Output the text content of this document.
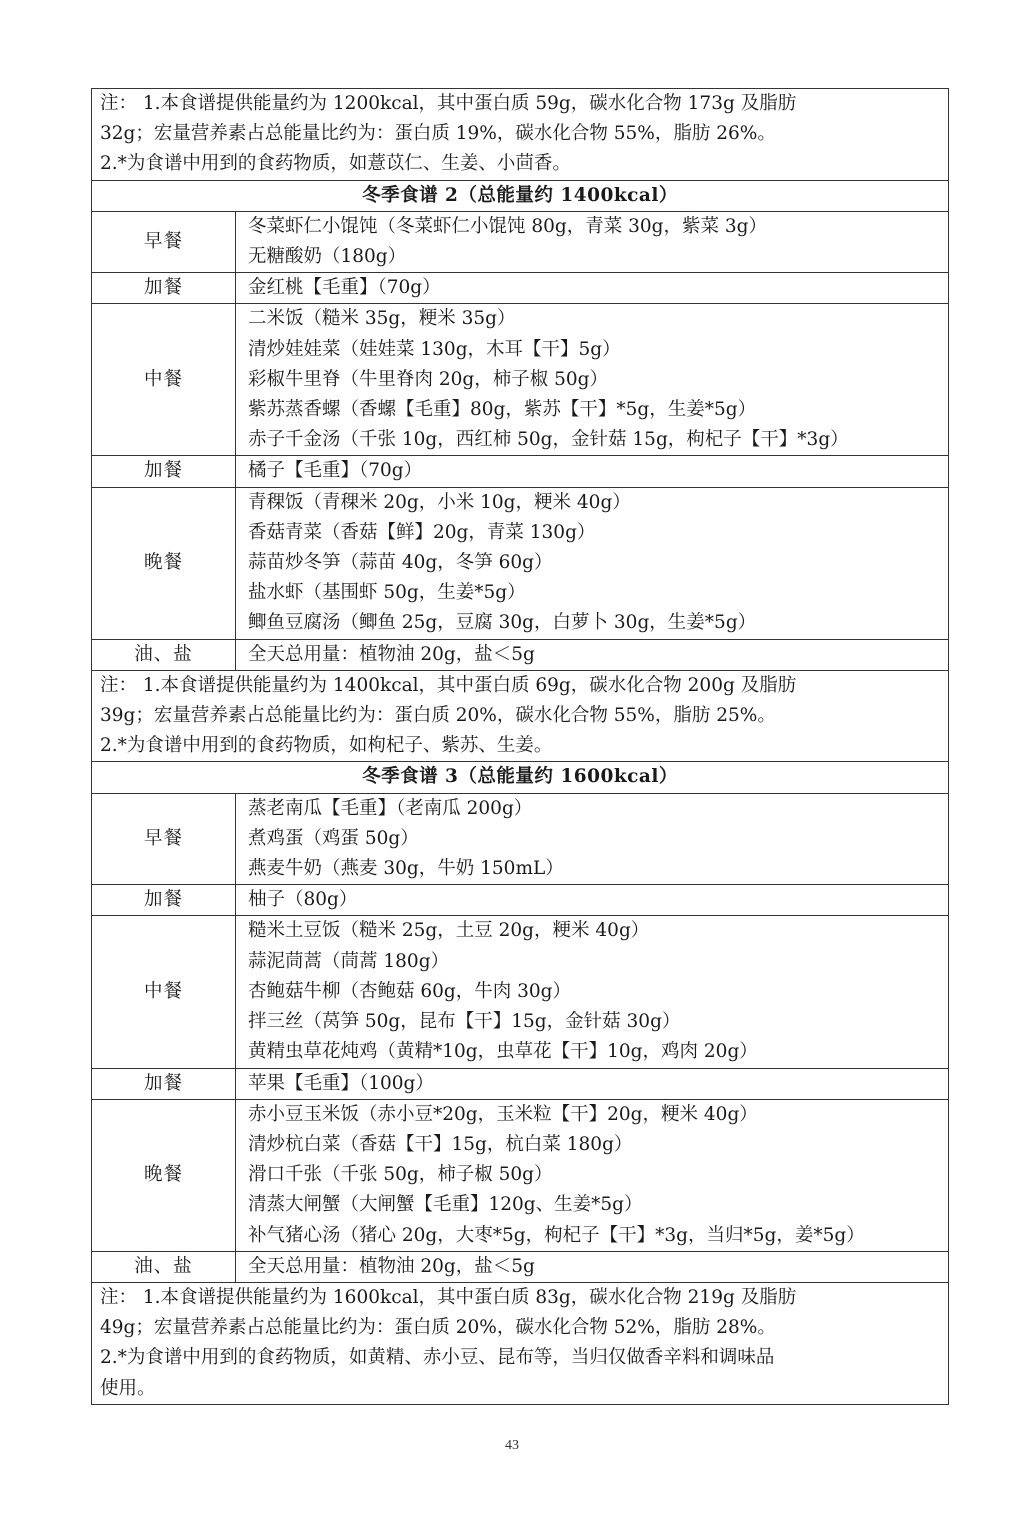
注： 1.本食谱提供能量约为 1200kcal，其中蛋白质 59g，碳水化合物 173g 及脂肪
32g；宏量营养素占总能量比约为：蛋白质 19%，碳水化合物 55%，脂肪 26%。
2.*为食谱中用到的食药物质，如薏苡仁、生姜、小茴香。	

冬季食谱 2（总能量约 1400kcal）	
早餐	冬菜虾仁小馄饨（冬菜虾仁小馄饨 80g，青菜 30g，紫菜 3g）
无糖酸奶（180g）

加餐	金红桃【毛重】（70g）

中餐	二米饭（糙米 35g，粳米 35g）
清炒娃娃菜（娃娃菜 130g，木耳【干】5g）
彩椒牛里脊（牛里脊肉 20g，柿子椒 50g）
紫苏蒸香螺（香螺【毛重】80g，紫苏【干】*5g，生姜*5g）
赤子千金汤（千张 10g，西红柿 50g，金针菇 15g，枸杞子【干】*3g）

加餐	橘子【毛重】（70g）

晚餐	青稞饭（青稞米 20g，小米 10g，粳米 40g）
香菇青菜（香菇【鲜】20g，青菜 130g）
蒜苗炒冬笋（蒜苗 40g，冬笋 60g）
盐水虾（基围虾 50g，生姜*5g）
鲫鱼豆腐汤（鲫鱼 25g，豆腐 30g，白萝卜 30g，生姜*5g）

油、盐	全天总用量：植物油 20g，盐＜5g

注： 1.本食谱提供能量约为 1400kcal，其中蛋白质 69g，碳水化合物 200g 及脂肪
39g；宏量营养素占总能量比约为：蛋白质 20%，碳水化合物 55%，脂肪 25%。
2.*为食谱中用到的食药物质，如枸杞子、紫苏、生姜。	

冬季食谱 3（总能量约 1600kcal）	
早餐	蒸老南瓜【毛重】（老南瓜 200g）
煮鸡蛋（鸡蛋 50g）
燕麦牛奶（燕麦 30g，牛奶 150mL）

加餐	柚子（80g）

中餐	糙米土豆饭（糙米 25g，土豆 20g，粳米 40g）
蒜泥茼蒿（茼蒿 180g）
杏鲍菇牛柳（杏鲍菇 60g，牛肉 30g）
拌三丝（莴笋 50g，昆布【干】15g，金针菇 30g）
黄精虫草花炖鸡（黄精*10g，虫草花【干】10g，鸡肉 20g）

加餐	苹果【毛重】（100g）

晚餐	赤小豆玉米饭（赤小豆*20g，玉米粒【干】20g，粳米 40g）
清炒杭白菜（香菇【干】15g，杭白菜 180g）
滑口千张（千张 50g，柿子椒 50g）
清蒸大闸蟹（大闸蟹【毛重】120g、生姜*5g）
补气猪心汤（猪心 20g，大枣*5g，枸杞子【干】*3g，当归*5g，姜*5g）

油、盐	全天总用量：植物油 20g，盐＜5g

注： 1.本食谱提供能量约为 1600kcal，其中蛋白质 83g，碳水化合物 219g 及脂肪
49g；宏量营养素占总能量比约为：蛋白质 20%，碳水化合物 52%，脂肪 28%。
2.*为食谱中用到的食药物质，如黄精、赤小豆、昆布等，当归仅做香辛料和调味品
使用。	
43
